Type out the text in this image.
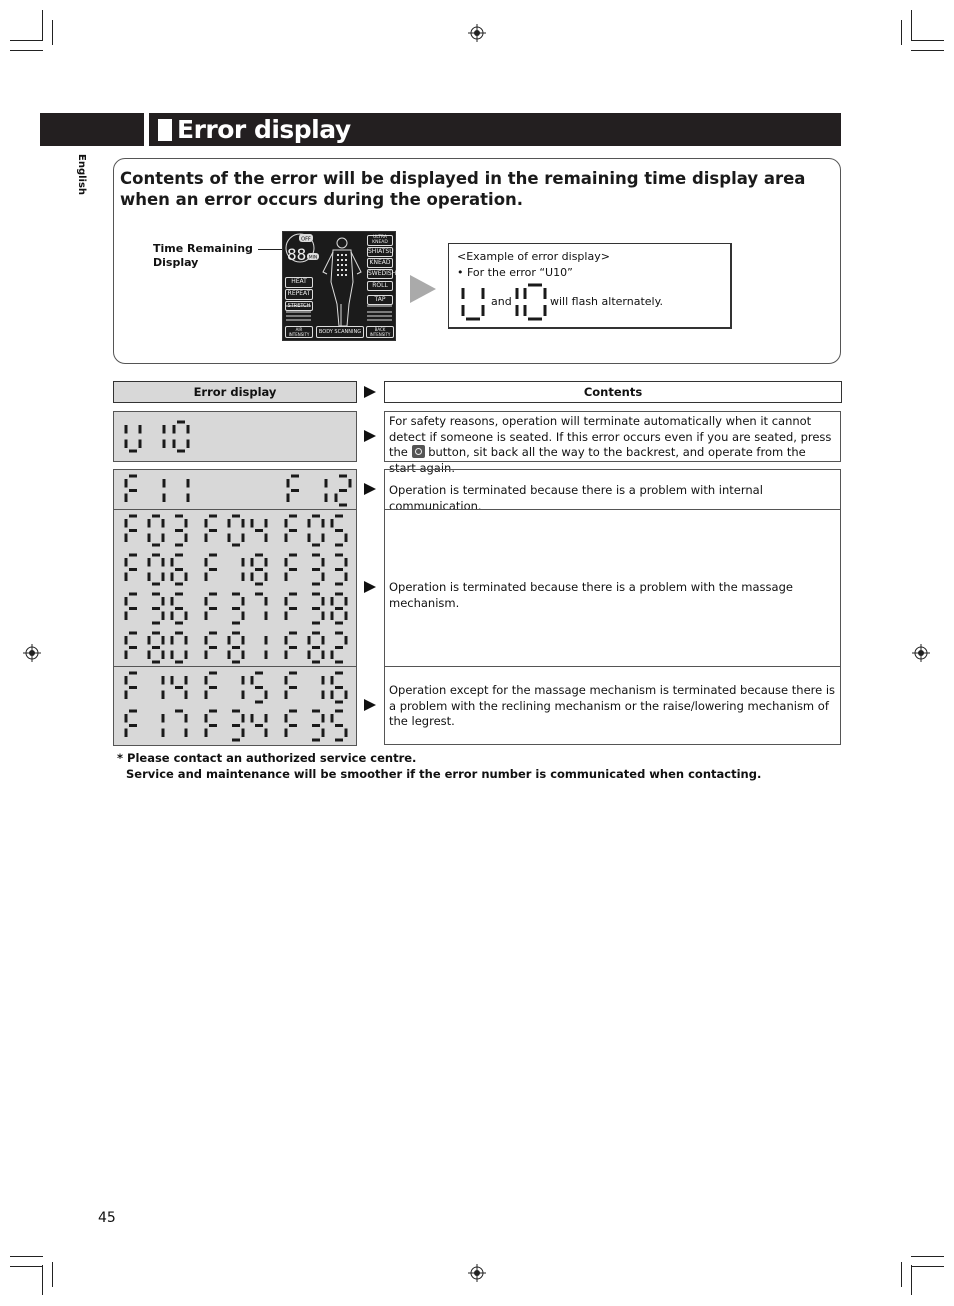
Error display
English Contents of the error will be displayed in the remaining time display area when an error occurs during the operation.
Time Remaining
Display
OFF
88 MIN
ULTRA KNEAD
SHIATSU
KNEAD
SWEDISH
ROLL
TAP
HEAT
REPEAT
STRETCH
AIR INTENSITY	BODY SCANNING	BACK INTENSITY
<Example of error display>
• For the error “U10”
and	will flash alternately.
Error display	Contents
For safety reasons, operation will terminate automatically when it cannot detect if someone is seated. If this error occurs even if you are seated, press the button, sit back all the way to the backrest, and operate from the start again.
Operation is terminated because there is a problem with internal communication.
Operation is terminated because there is a problem with the massage mechanism.
Operation except for the massage mechanism is terminated because there is a problem with the reclining mechanism or the raise/lowering mechanism of the legrest.
* Please contact an authorized service centre.
Service and maintenance will be smoother if the error number is communicated when contacting.
45
